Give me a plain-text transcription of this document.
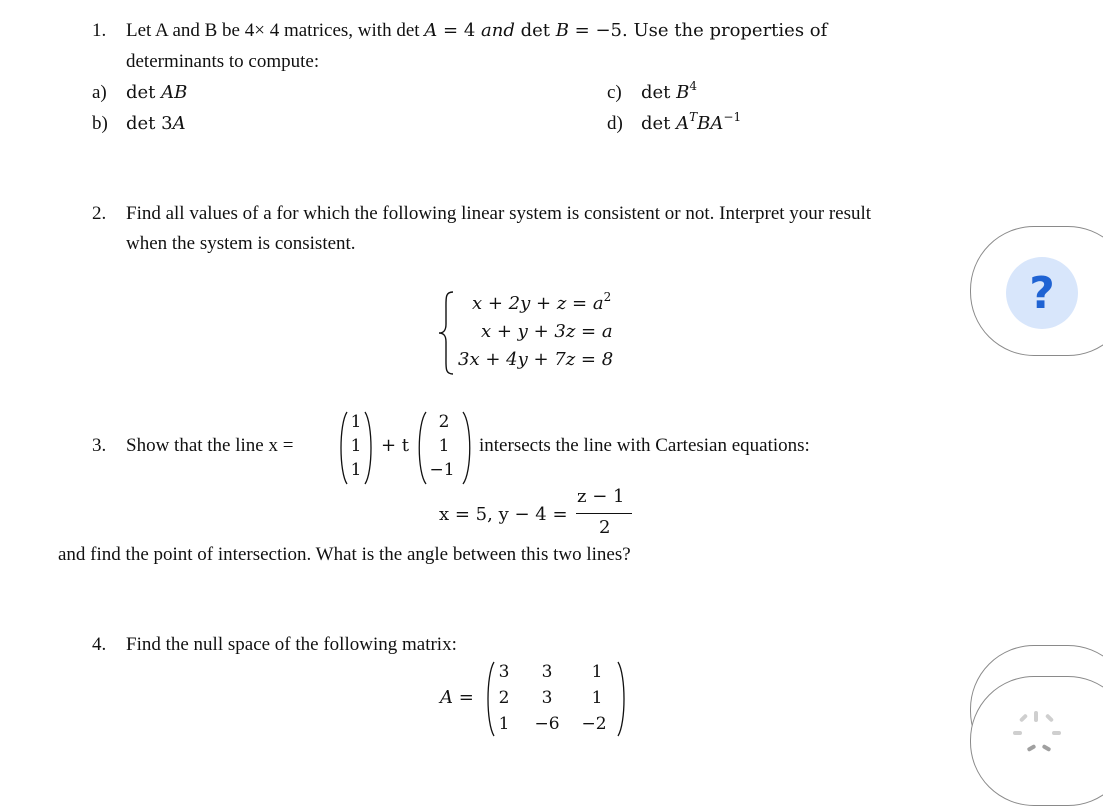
1. Let A and B be 4× 4 matrices, with det A = 4 and det B = −5. Use the properties of
determinants to compute:
a) det AB
b) det 3A
c) $\det B^4$
d) $\det A^TBA^{-1}$
2. Find all values of a for which the following linear system is consistent or not. Interpret your result
when the system is consistent.
$x + 2y + z = a^2$
x + y + 3z = a
3x + 4y + 7z = 8
3. Show that the line x =
1
1
1
+ t
2
1
−1
intersects the line with Cartesian equations:
x = 5, y − 4 =
z − 1
2
and find the point of intersection. What is the angle between this two lines?
4. Find the null space of the following matrix:
A =
3	3	1
2	3	1
1	−6 −2
?
